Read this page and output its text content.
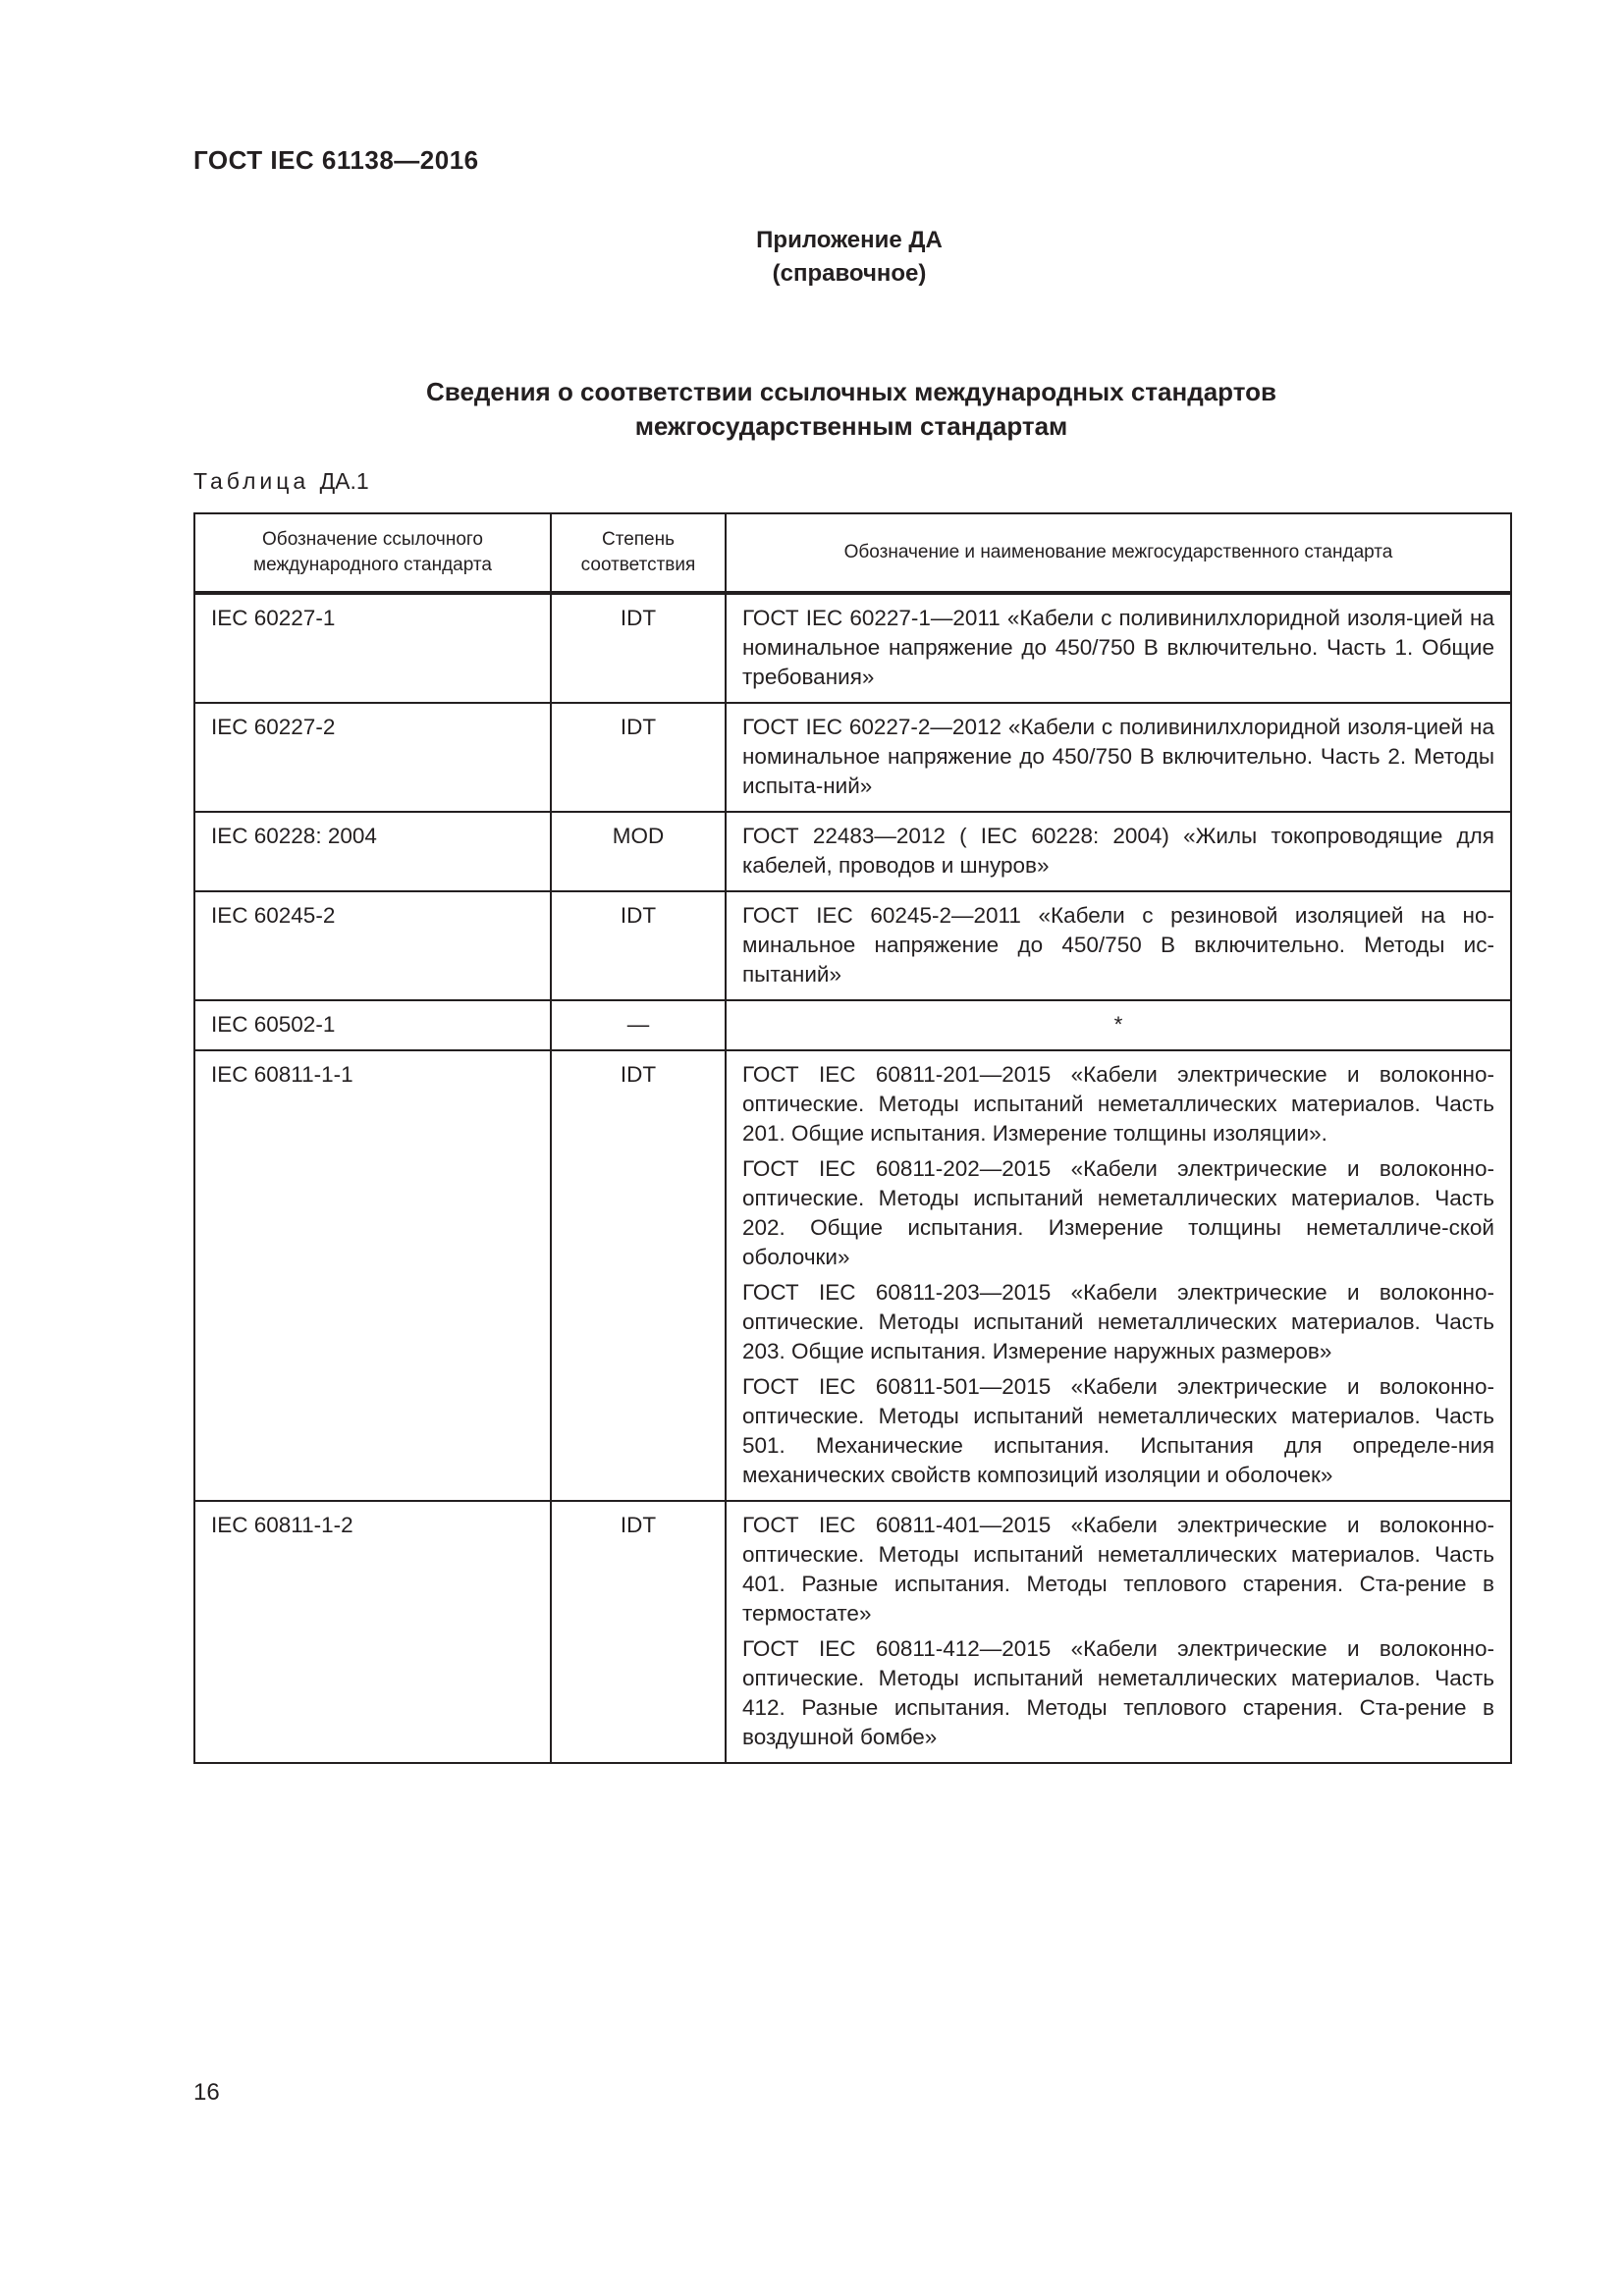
ГОСТ IEC 61138—2016
Приложение ДА
(справочное)
Сведения о соответствии ссылочных международных стандартов
межгосударственным стандартам
Таблица ДА.1
Обозначение ссылочного международного стандарта	Степень соответствия	Обозначение и наименование межгосударственного стандарта
IEC 60227-1	IDT	ГОСТ IEC 60227-1—2011 «Кабели с поливинилхлоридной изоля-цией на номинальное напряжение до 450/750 В включительно. Часть 1. Общие требования»

IEC 60227-2	IDT	ГОСТ IEC 60227-2—2012 «Кабели с поливинилхлоридной изоля-цией на номинальное напряжение до 450/750 В включительно. Часть 2. Методы испыта-ний»

IEC 60228: 2004	MOD	ГОСТ 22483—2012 ( IEC 60228: 2004) «Жилы токопроводящие для кабелей, проводов и шнуров»

IEC 60245-2	IDT	ГОСТ IEC 60245-2—2011 «Кабели с резиновой изоляцией на но-минальное напряжение до 450/750 В включительно. Методы ис-пытаний»

IEC 60502-1	—	*

IEC 60811-1-1	IDT	ГОСТ IEC 60811-201—2015 «Кабели электрические и волоконно-оптические. Методы испытаний неметаллических материалов. Часть 201. Общие испытания. Измерение толщины изоляции».
ГОСТ IEC 60811-202—2015 «Кабели электрические и волоконно-оптические. Методы испытаний неметаллических материалов. Часть 202. Общие испытания. Измерение толщины неметалличе-ской оболочки»
ГОСТ IEC 60811-203—2015 «Кабели электрические и волоконно-оптические. Методы испытаний неметаллических материалов. Часть 203. Общие испытания. Измерение наружных размеров»
ГОСТ IEC 60811-501—2015 «Кабели электрические и волоконно-оптические. Методы испытаний неметаллических материалов. Часть 501. Механические испытания. Испытания для определе-ния механических свойств композиций изоляции и оболочек»

IEC 60811-1-2	IDT	ГОСТ IEC 60811-401—2015 «Кабели электрические и волоконно-оптические. Методы испытаний неметаллических материалов. Часть 401. Разные испытания. Методы теплового старения. Ста-рение в термостате»
ГОСТ IEC 60811-412—2015 «Кабели электрические и волоконно-оптические. Методы испытаний неметаллических материалов. Часть 412. Разные испытания. Методы теплового старения. Ста-рение в воздушной бомбе»
16
